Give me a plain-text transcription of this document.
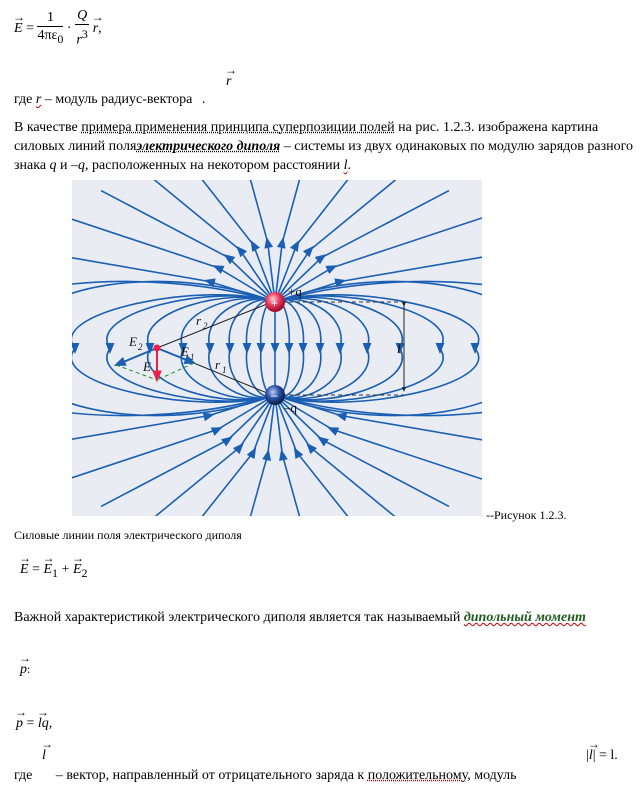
→ $E = \frac{1}{4\pi\varepsilon_0} \cdot \frac{Q}{r^3}$
→ r,
→ r
где r – модуль радиус-вектора .
В качестве примера применения принципа суперпозиции полей на рис. 1.2.3. изображена картина силовых линий поляэлектрического диполя – системы из двух одинаковых по модулю зарядов разного знака q и –q, расположенных на некотором расстоянии l.
l
E 2	E 1
E
r 2
r 1
+
–
+q
–q
--Рисунок 1.2.3.
Силовые линии поля электрического диполя
→ E = → $E_1$ + → $E_2$
Важной характеристикой электрического диполя является так называемый дипольный момент
→ p:
→ p = → lq,
→ l	|→ l| = l.
где – вектор, направленный от отрицательного заряда к положительному, модуль
